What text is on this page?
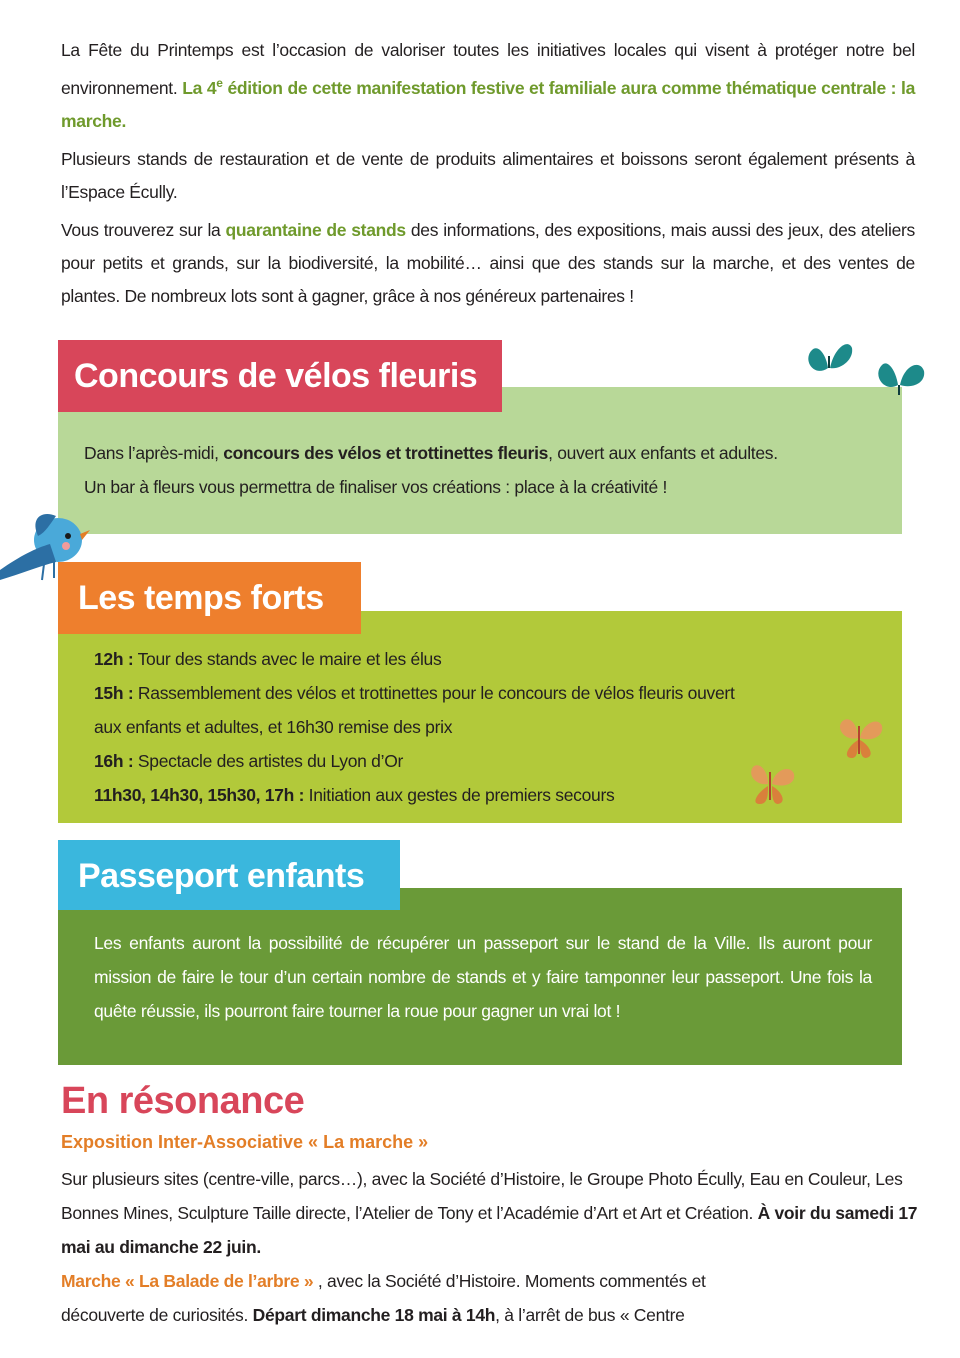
La Fête du Printemps est l’occasion de valoriser toutes les initiatives locales qui visent à protéger notre bel environnement. La 4e édition de cette manifestation festive et familiale aura comme thématique centrale : la marche.

Plusieurs stands de restauration et de vente de produits alimentaires et boissons seront également présents à l’Espace Écully.

Vous trouverez sur la quarantaine de stands des informations, des expositions, mais aussi des jeux, des ateliers pour petits et grands, sur la biodiversité, la mobilité… ainsi que des stands sur la marche, et des ventes de plantes. De nombreux lots sont à gagner, grâce à nos généreux partenaires !

Concours de vélos fleuris

Dans l’après-midi, concours des vélos et trottinettes fleuris, ouvert aux enfants et adultes.

Un bar à fleurs vous permettra de finaliser vos créations : place à la créativité !

Les temps forts

12h : Tour des stands avec le maire et les élus

15h : Rassemblement des vélos et trottinettes pour le concours de vélos fleuris ouvert

aux enfants et adultes, et 16h30 remise des prix

16h : Spectacle des artistes du Lyon d’Or

11h30, 14h30, 15h30, 17h : Initiation aux gestes de premiers secours

Passeport enfants
Les enfants auront la possibilité de récupérer un passeport sur le stand de la Ville. Ils auront pour mission de faire le tour d’un certain nombre de stands et y faire tamponner leur passeport. Une fois la quête réussie, ils pourront faire tourner la roue pour gagner un vrai lot !
En résonance
Exposition Inter-Associative « La marche »
Sur plusieurs sites (centre-ville, parcs…), avec la Société d’Histoire, le Groupe Photo Écully, Eau en Couleur, Les Bonnes Mines, Sculpture Taille directe, l’Atelier de Tony et l’Académie d’Art et Art et Création. À voir du samedi 17 mai au dimanche 22 juin.
Marche « La Balade de l’arbre » , avec la Société d’Histoire. Moments commentés et
découverte de curiosités. Départ dimanche 18 mai à 14h, à l’arrêt de bus « Centre
